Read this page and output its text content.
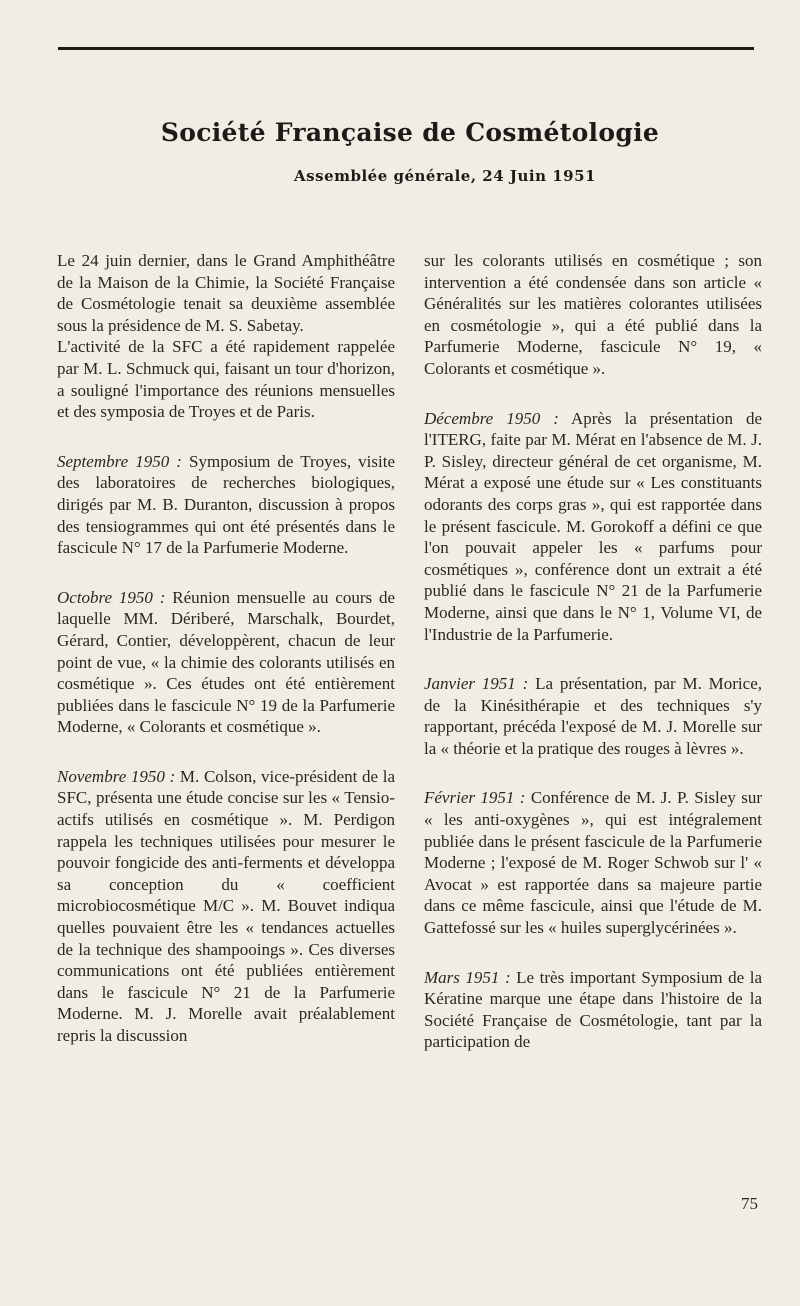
Société Française de Cosmétologie
Assemblée générale, 24 Juin 1951

Le 24 juin dernier, dans le Grand Amphithéâtre de la Maison de la Chimie, la Société Française de Cosmétologie tenait sa deuxième assemblée sous la présidence de M. S. Sabetay.

L'activité de la SFC a été rapidement rappelée par M. L. Schmuck qui, faisant un tour d'horizon, a souligné l'importance des réunions mensuelles et des symposia de Troyes et de Paris.

Septembre 1950 : Symposium de Troyes, visite des laboratoires de recherches biologiques, dirigés par M. B. Duranton, discussion à propos des tensiogrammes qui ont été présentés dans le fascicule N° 17 de la Parfumerie Moderne.

Octobre 1950 : Réunion mensuelle au cours de laquelle MM. Dériberé, Marschalk, Bourdet, Gérard, Contier, développèrent, chacun de leur point de vue, « la chimie des colorants utilisés en cosmétique ». Ces études ont été entièrement publiées dans le fascicule N° 19 de la Parfumerie Moderne, « Colorants et cosmétique ».

Novembre 1950 : M. Colson, vice-président de la SFC, présenta une étude concise sur les « Tensio-actifs utilisés en cosmétique ». M. Perdigon rappela les techniques utilisées pour mesurer le pouvoir fongicide des anti-ferments et développa sa conception du « coefficient microbiocosmétique M/C ». M. Bouvet indiqua quelles pouvaient être les « tendances actuelles de la technique des shampooings ». Ces diverses communications ont été publiées entièrement dans le fascicule N° 21 de la Parfumerie Moderne. M. J. Morelle avait préalablement repris la discussion

sur les colorants utilisés en cosmétique ; son intervention a été condensée dans son article « Généralités sur les matières colorantes utilisées en cosmétologie », qui a été publié dans la Parfumerie Moderne, fascicule N° 19, « Colorants et cosmétique ».

Décembre 1950 : Après la présentation de l'ITERG, faite par M. Mérat en l'absence de M. J. P. Sisley, directeur général de cet organisme, M. Mérat a exposé une étude sur « Les constituants odorants des corps gras », qui est rapportée dans le présent fascicule. M. Gorokoff a défini ce que l'on pouvait appeler les « parfums pour cosmétiques », conférence dont un extrait a été publié dans le fascicule N° 21 de la Parfumerie Moderne, ainsi que dans le N° 1, Volume VI, de l'Industrie de la Parfumerie.

Janvier 1951 : La présentation, par M. Morice, de la Kinésithérapie et des techniques s'y rapportant, précéda l'exposé de M. J. Morelle sur la « théorie et la pratique des rouges à lèvres ».

Février 1951 : Conférence de M. J. P. Sisley sur « les anti-oxygènes », qui est intégralement publiée dans le présent fascicule de la Parfumerie Moderne ; l'exposé de M. Roger Schwob sur l' « Avocat » est rapportée dans sa majeure partie dans ce même fascicule, ainsi que l'étude de M. Gattefossé sur les « huiles superglycérinées ».

Mars 1951 : Le très important Symposium de la Kératine marque une étape dans l'histoire de la Société Française de Cosmétologie, tant par la participation de

75
